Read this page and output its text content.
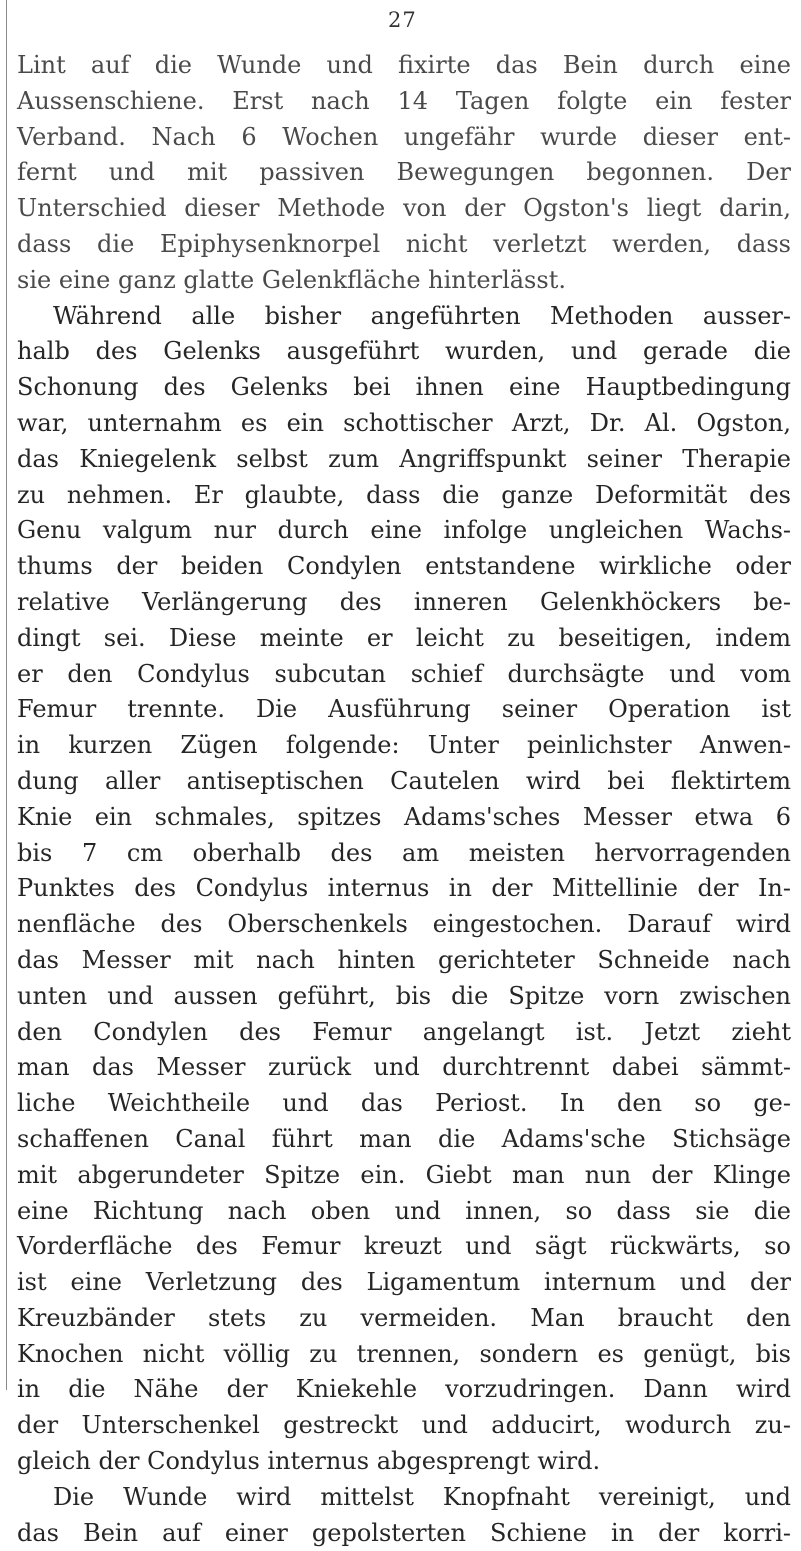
27
Lint auf die Wunde und fixirte das Bein durch eine
Aussenschiene. Erst nach 14 Tagen folgte ein fester
Verband. Nach 6 Wochen ungefähr wurde dieser ent-
fernt und mit passiven Bewegungen begonnen. Der
Unterschied dieser Methode von der Ogston's liegt darin,
dass die Epiphysenknorpel nicht verletzt werden, dass
sie eine ganz glatte Gelenkfläche hinterlässt.
Während alle bisher angeführten Methoden ausser-
halb des Gelenks ausgeführt wurden, und gerade die
Schonung des Gelenks bei ihnen eine Hauptbedingung
war, unternahm es ein schottischer Arzt, Dr. Al. Ogston,
das Kniegelenk selbst zum Angriffspunkt seiner Therapie
zu nehmen. Er glaubte, dass die ganze Deformität des
Genu valgum nur durch eine infolge ungleichen Wachs-
thums der beiden Condylen entstandene wirkliche oder
relative Verlängerung des inneren Gelenkhöckers be-
dingt sei. Diese meinte er leicht zu beseitigen, indem
er den Condylus subcutan schief durchsägte und vom
Femur trennte. Die Ausführung seiner Operation ist
in kurzen Zügen folgende: Unter peinlichster Anwen-
dung aller antiseptischen Cautelen wird bei flektirtem
Knie ein schmales, spitzes Adams'sches Messer etwa 6
bis 7 cm oberhalb des am meisten hervorragenden
Punktes des Condylus internus in der Mittellinie der In-
nenfläche des Oberschenkels eingestochen. Darauf wird
das Messer mit nach hinten gerichteter Schneide nach
unten und aussen geführt, bis die Spitze vorn zwischen
den Condylen des Femur angelangt ist. Jetzt zieht
man das Messer zurück und durchtrennt dabei sämmt-
liche Weichtheile und das Periost. In den so ge-
schaffenen Canal führt man die Adams'sche Stichsäge
mit abgerundeter Spitze ein. Giebt man nun der Klinge
eine Richtung nach oben und innen, so dass sie die
Vorderfläche des Femur kreuzt und sägt rückwärts, so
ist eine Verletzung des Ligamentum internum und der
Kreuzbänder stets zu vermeiden. Man braucht den
Knochen nicht völlig zu trennen, sondern es genügt, bis
in die Nähe der Kniekehle vorzudringen. Dann wird
der Unterschenkel gestreckt und adducirt, wodurch zu-
gleich der Condylus internus abgesprengt wird.
Die Wunde wird mittelst Knopfnaht vereinigt, und
das Bein auf einer gepolsterten Schiene in der korri-
